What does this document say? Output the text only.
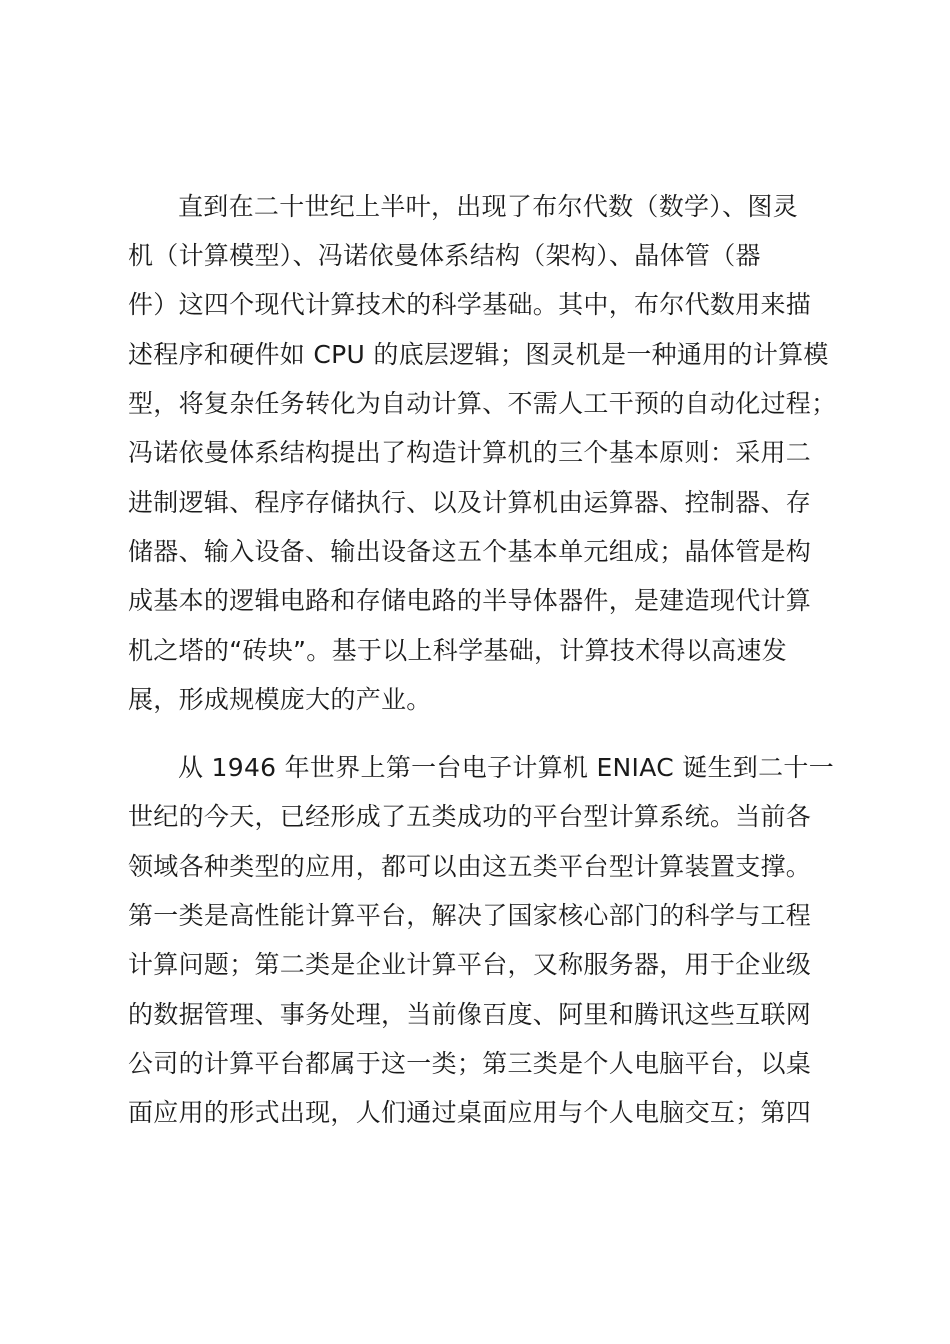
直到在二十世纪上半叶，出现了布尔代数（数学）、图灵

机（计算模型）、冯诺依曼体系结构（架构）、晶体管（器

件）这四个现代计算技术的科学基础。其中，布尔代数用来描

述程序和硬件如 CPU 的底层逻辑；图灵机是一种通用的计算模

型，将复杂任务转化为自动计算、不需人工干预的自动化过程；

冯诺依曼体系结构提出了构造计算机的三个基本原则：采用二

进制逻辑、程序存储执行、以及计算机由运算器、控制器、存

储器、输入设备、输出设备这五个基本单元组成；晶体管是构

成基本的逻辑电路和存储电路的半导体器件，是建造现代计算

机之塔的“砖块”。基于以上科学基础，计算技术得以高速发

展，形成规模庞大的产业。

从 1946 年世界上第一台电子计算机 ENIAC 诞生到二十一

世纪的今天，已经形成了五类成功的平台型计算系统。当前各

领域各种类型的应用，都可以由这五类平台型计算装置支撑。

第一类是高性能计算平台，解决了国家核心部门的科学与工程

计算问题；第二类是企业计算平台，又称服务器，用于企业级

的数据管理、事务处理，当前像百度、阿里和腾讯这些互联网

公司的计算平台都属于这一类；第三类是个人电脑平台，以桌

面应用的形式出现，人们通过桌面应用与个人电脑交互；第四
